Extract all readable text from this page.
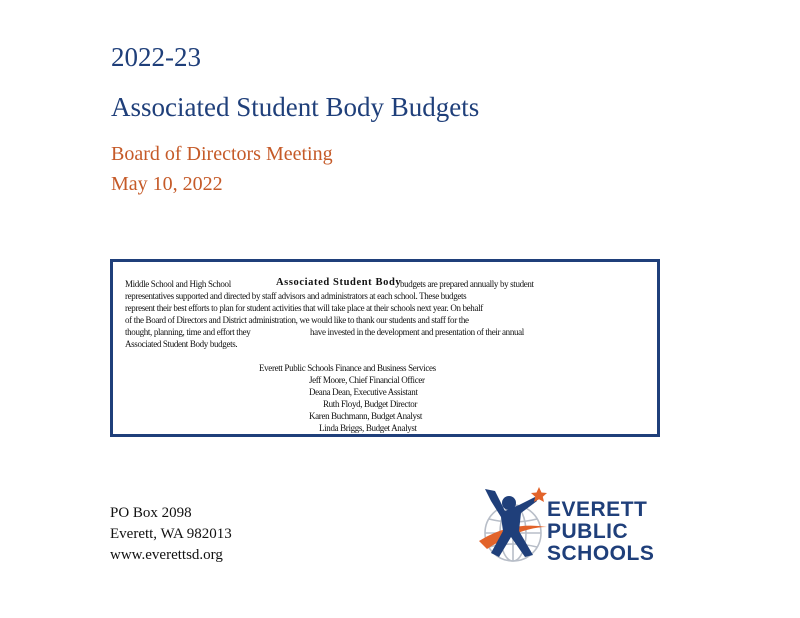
2022-23
Associated Student Body Budgets
Board of Directors Meeting
May 10, 2022
Middle School and High School	Associated Student Body
budgets are prepared annually by student
representatives supported and directed by staff advisors and administrators at each school. These budgets
represent their best efforts to plan for student activities that will take place at their schools next year. On behalf
of the Board of Directors and District administration, we would like to thank our students and staff for the
thought, planning, time and effort they	have invested in the development and presentation of their annual
Associated Student Body budgets.
Everett Public Schools Finance and Business Services
Jeff Moore, Chief Financial Officer
Deana Dean, Executive Assistant
Ruth Floyd, Budget Director
Karen Buchmann, Budget Analyst
Linda Briggs, Budget Analyst
PO Box 2098
Everett, WA 982013
www.everettsd.org
EVERETT
PUBLIC
SCHOOLS
